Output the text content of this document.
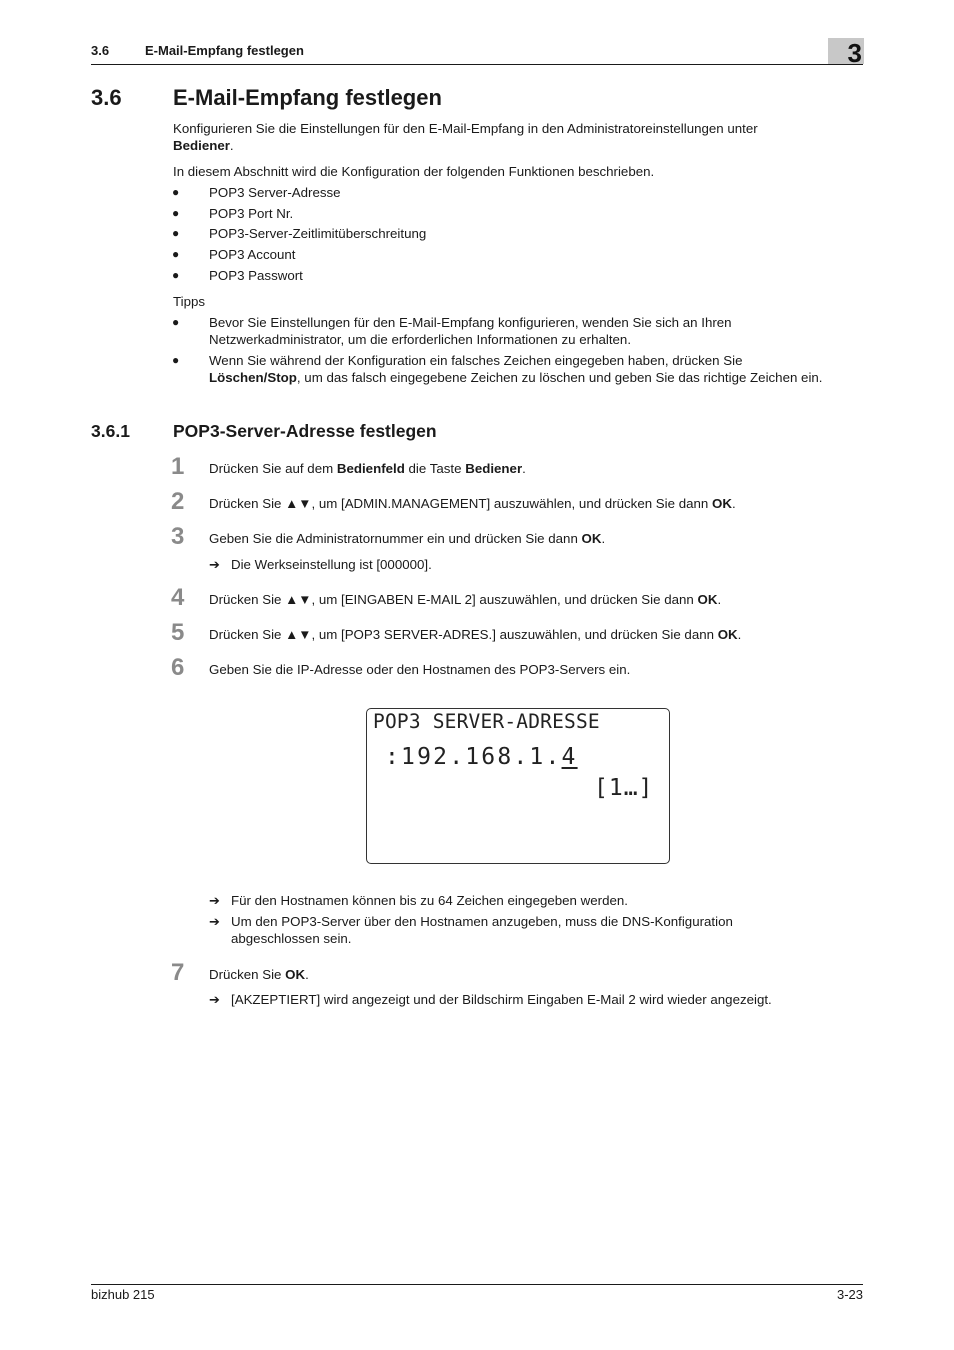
3.6	E-Mail-Empfang festlegen	3
3.6 E-Mail-Empfang festlegen
Konfigurieren Sie die Einstellungen für den E-Mail-Empfang in den Administratoreinstellungen unter
Bediener.
In diesem Abschnitt wird die Konfiguration der folgenden Funktionen beschrieben.
● POP3 Server-Adresse
● POP3 Port Nr.
● POP3-Server-Zeitlimitüberschreitung
● POP3 Account
● POP3 Passwort
Tipps
● Bevor Sie Einstellungen für den E-Mail-Empfang konfigurieren, wenden Sie sich an Ihren
Netzwerkadministrator, um die erforderlichen Informationen zu erhalten.
● Wenn Sie während der Konfiguration ein falsches Zeichen eingegeben haben, drücken Sie
Löschen/Stop, um das falsch eingegebene Zeichen zu löschen und geben Sie das richtige Zeichen ein.
3.6.1 POP3-Server-Adresse festlegen
1 Drücken Sie auf dem Bedienfeld die Taste Bediener.
2 Drücken Sie ▲▼, um [ADMIN.MANAGEMENT] auszuwählen, und drücken Sie dann OK.
3 Geben Sie die Administratornummer ein und drücken Sie dann OK.
➔ Die Werkseinstellung ist [000000].
4 Drücken Sie ▲▼, um [EINGABEN E-MAIL 2] auszuwählen, und drücken Sie dann OK.
5 Drücken Sie ▲▼, um [POP3 SERVER-ADRES.] auszuwählen, und drücken Sie dann OK.
6 Geben Sie die IP-Adresse oder den Hostnamen des POP3-Servers ein.
POP3 SERVER-ADRESSE
:192.168.1.4
[1…]
➔ Für den Hostnamen können bis zu 64 Zeichen eingegeben werden.
➔ Um den POP3-Server über den Hostnamen anzugeben, muss die DNS-Konfiguration
abgeschlossen sein.
7 Drücken Sie OK.
➔ [AKZEPTIERT] wird angezeigt und der Bildschirm Eingaben E-Mail 2 wird wieder angezeigt.
bizhub 215	3-23
